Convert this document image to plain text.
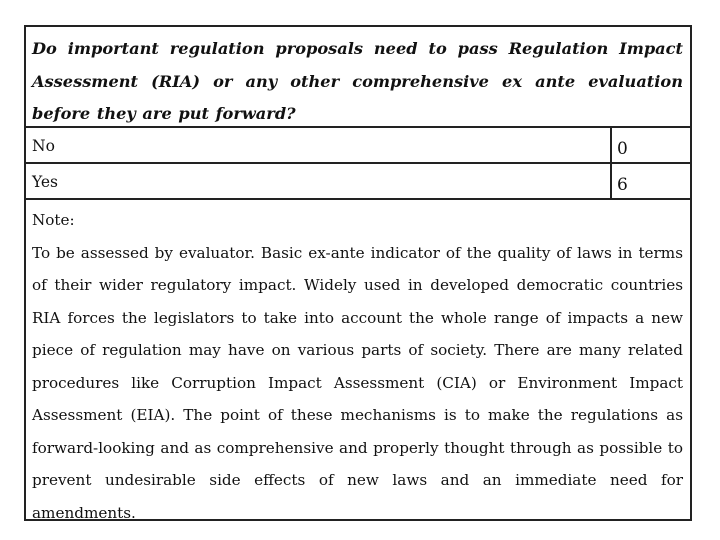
Do important regulation proposals need to pass Regulation Impact Assessment (RIA) or any other comprehensive ex ante evaluation before they are put forward?
No	0
Yes	6
Note:
To be assessed by evaluator. Basic ex-ante indicator of the quality of laws in terms of their wider regulatory impact. Widely used in developed democratic countries RIA forces the legislators to take into account the whole range of impacts a new piece of regulation may have on various parts of society. There are many related procedures like Corruption Impact Assessment (CIA) or Environment Impact Assessment (EIA). The point of these mechanisms is to make the regulations as forward-looking and as comprehensive and properly thought through as possible to prevent undesirable side effects of new laws and an immediate need for amendments.
